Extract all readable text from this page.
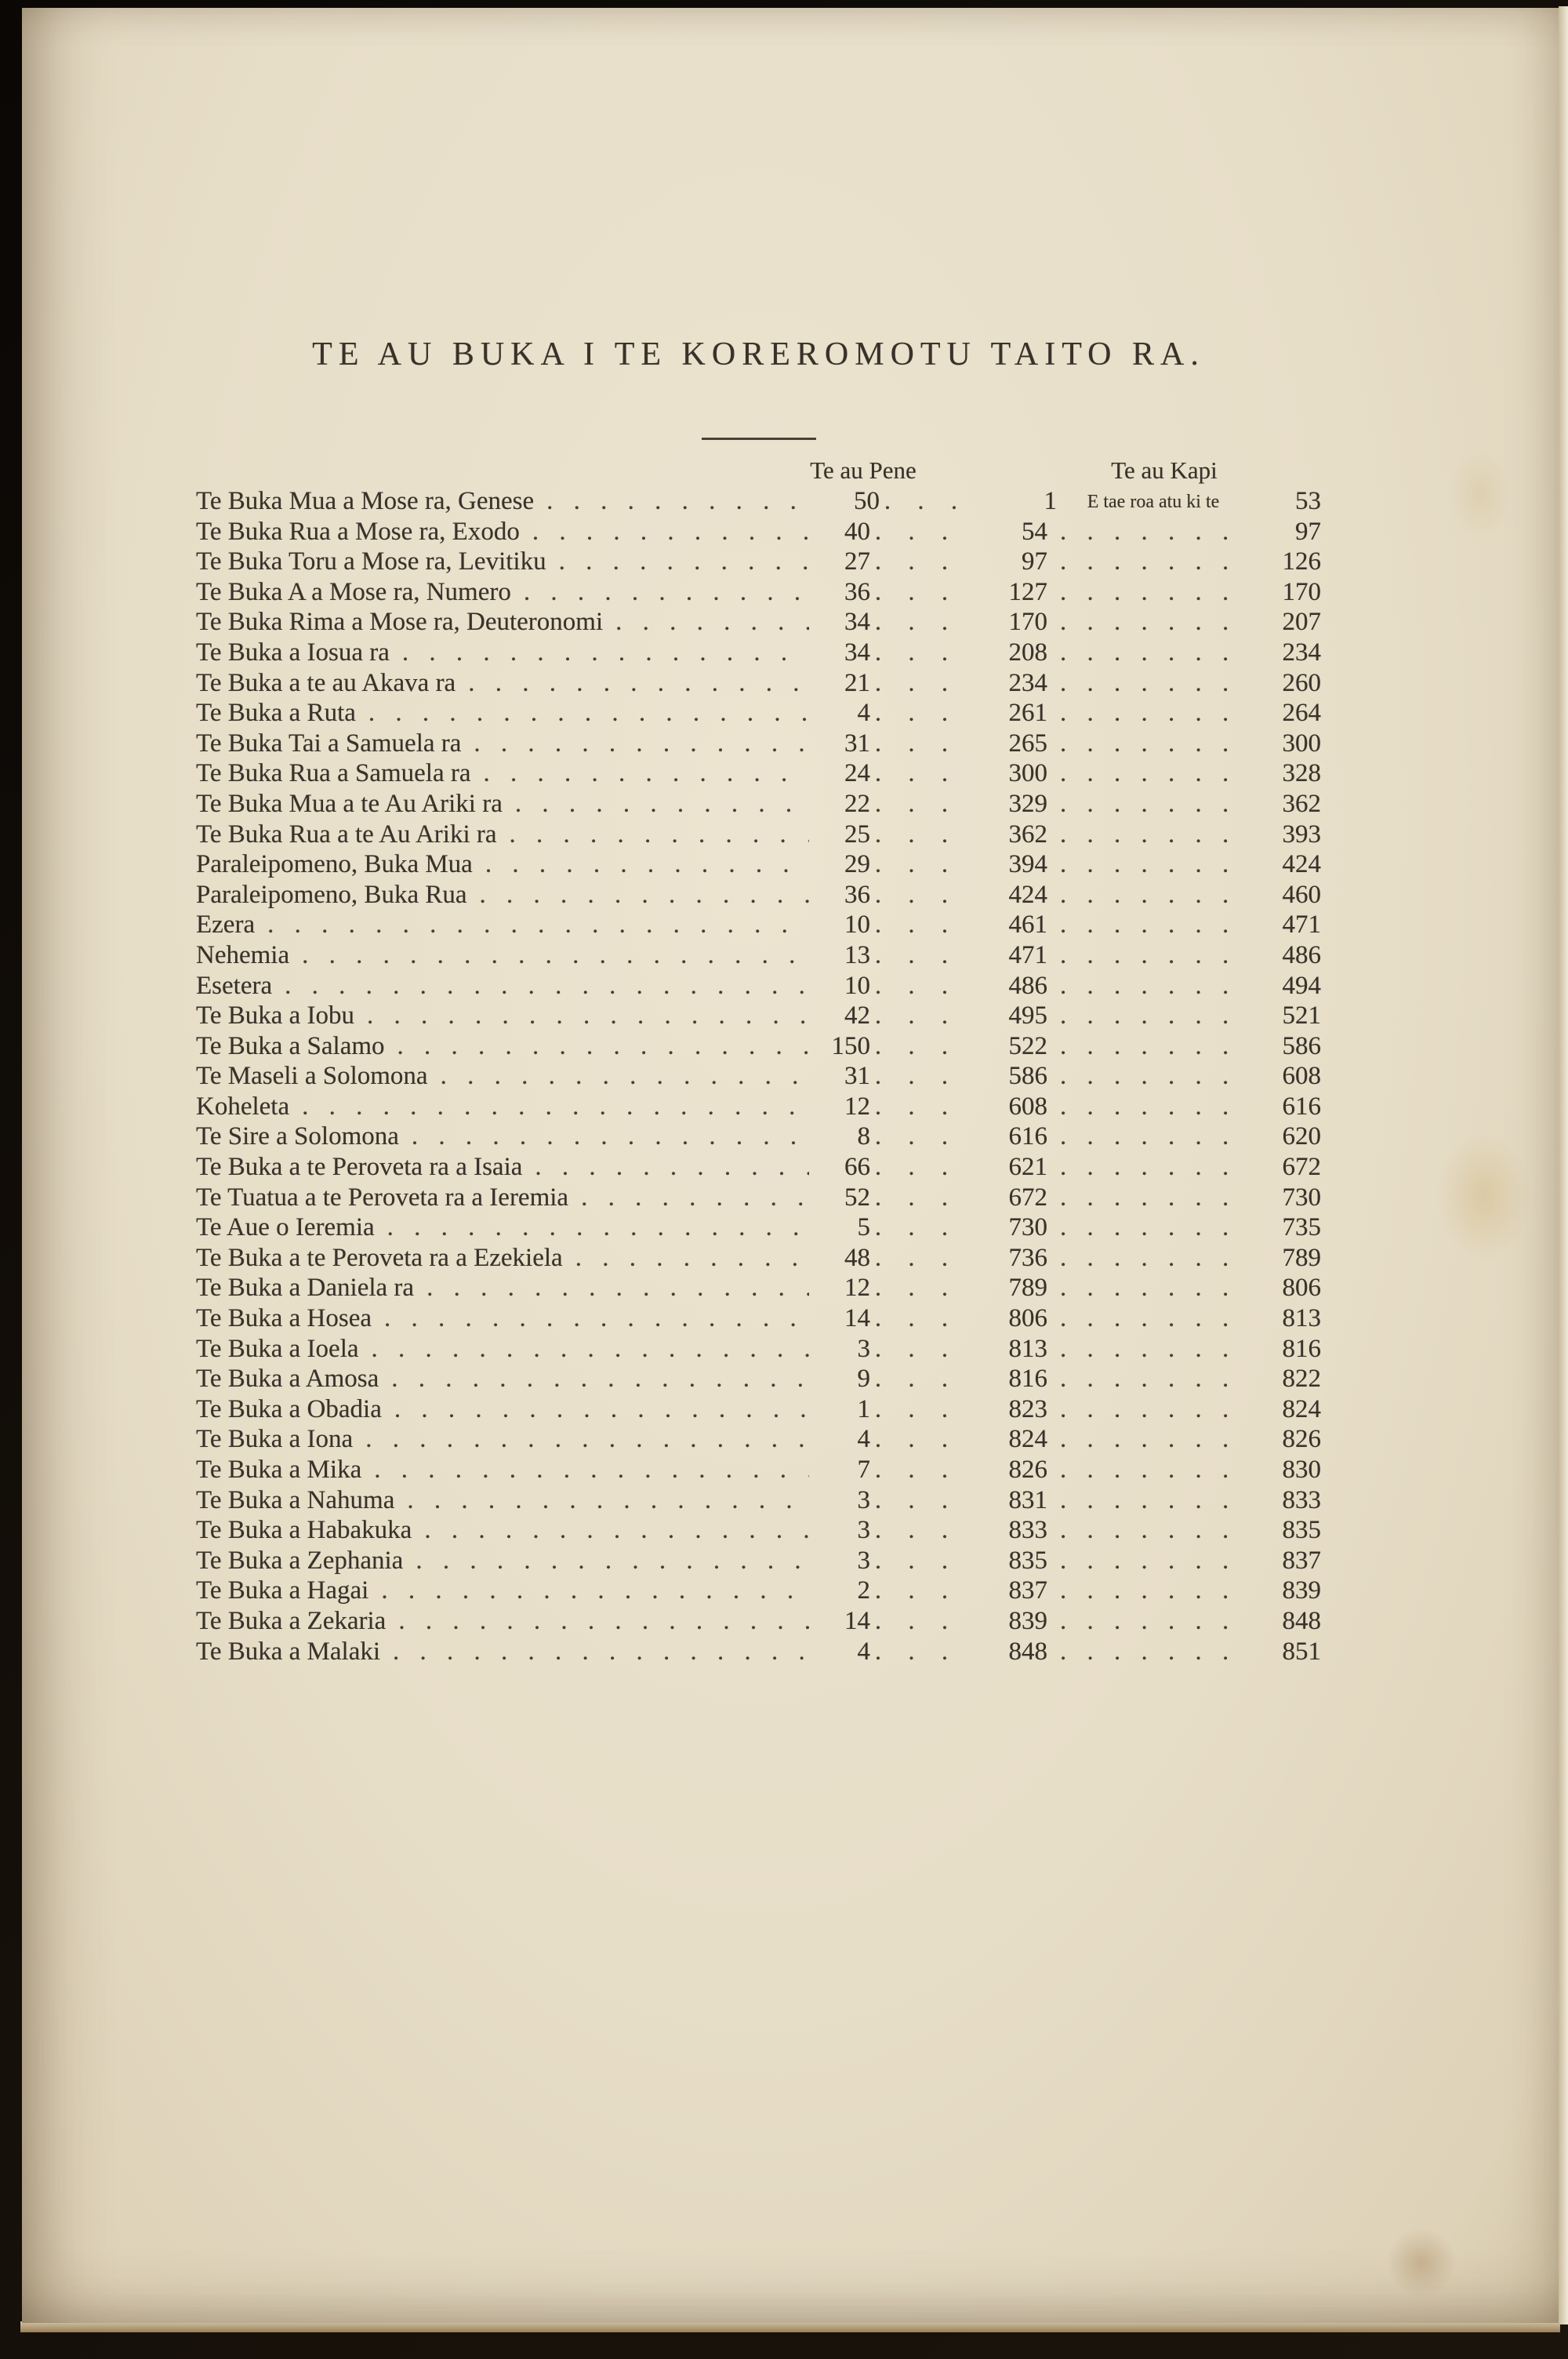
TE AU BUKA I TE KOREROMOTU TAITO RA.
Te au Pene	Te au Kapi
Te Buka Mua a Mose ra, Genese . . .	50 . . .	1	E tae roa atu ki te	53
Te Buka Rua a Mose ra, Exodo . . .	40 . . .	54 . . .	97
Te Buka Toru a Mose ra, Levitiku . . .	27 . . .	97 . . .	126
Te Buka A a Mose ra, Numero . . .	36 . . .	127 . . .	170
Te Buka Rima a Mose ra, Deuteronomi . . .	34 . . .	170 . . .	207
Te Buka a Iosua ra . . .	34 . . .	208 . . .	234
Te Buka a te au Akava ra . . .	21 . . .	234 . . .	260
Te Buka a Ruta . . .	4 . . .	261 . . .	264
Te Buka Tai a Samuela ra . . .	31 . . .	265 . . .	300
Te Buka Rua a Samuela ra . . .	24 . . .	300 . . .	328
Te Buka Mua a te Au Ariki ra . . .	22 . . .	329 . . .	362
Te Buka Rua a te Au Ariki ra . . .	25 . . .	362 . . .	393
Paraleipomeno, Buka Mua . . .	29 . . .	394 . . .	424
Paraleipomeno, Buka Rua . . .	36 . . .	424 . . .	460
Ezera . . .	10 . . .	461 . . .	471
Nehemia . . .	13 . . .	471 . . .	486
Esetera . . .	10 . . .	486 . . .	494
Te Buka a Iobu . . .	42 . . .	495 . . .	521
Te Buka a Salamo . . .	150 . . .	522 . . .	586
Te Maseli a Solomona . . .	31 . . .	586 . . .	608
Koheleta . . .	12 . . .	608 . . .	616
Te Sire a Solomona . . .	8 . . .	616 . . .	620
Te Buka a te Peroveta ra a Isaia . . .	66 . . .	621 . . .	672
Te Tuatua a te Peroveta ra a Ieremia . . .	52 . . .	672 . . .	730
Te Aue o Ieremia . . .	5 . . .	730 . . .	735
Te Buka a te Peroveta ra a Ezekiela . . .	48 . . .	736 . . .	789
Te Buka a Daniela ra . . .	12 . . .	789 . . .	806
Te Buka a Hosea . . .	14 . . .	806 . . .	813
Te Buka a Ioela . . .	3 . . .	813 . . .	816
Te Buka a Amosa . . .	9 . . .	816 . . .	822
Te Buka a Obadia . . .	1 . . .	823 . . .	824
Te Buka a Iona . . .	4 . . .	824 . . .	826
Te Buka a Mika . . .	7 . . .	826 . . .	830
Te Buka a Nahuma . . .	3 . . .	831 . . .	833
Te Buka a Habakuka . . .	3 . . .	833 . . .	835
Te Buka a Zephania . . .	3 . . .	835 . . .	837
Te Buka a Hagai . . .	2 . . .	837 . . .	839
Te Buka a Zekaria . . .	14 . . .	839 . . .	848
Te Buka a Malaki . . .	4 . . .	848 . . .	851
